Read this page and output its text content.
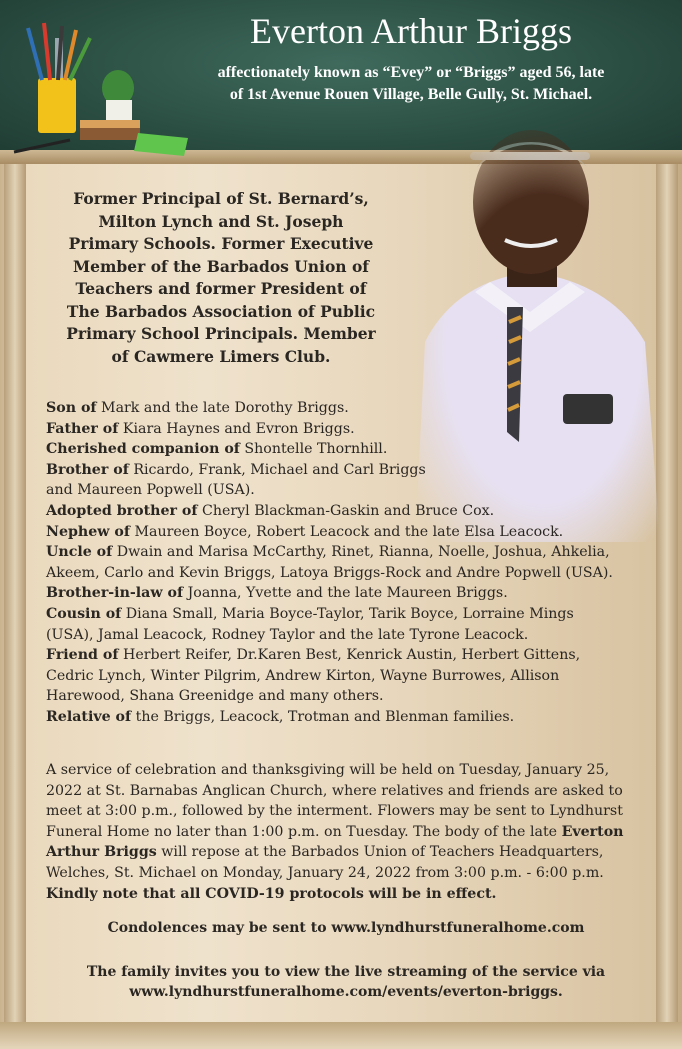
Everton Arthur Briggs
affectionately known as “Evey” or “Briggs” aged 56, late
of 1st Avenue Rouen Village, Belle Gully, St. Michael.
Former Principal of St. Bernard’s,
Milton Lynch and St. Joseph
Primary Schools. Former Executive
Member of the Barbados Union of
Teachers and former President of
The Barbados Association of Public
Primary School Principals. Member
of Cawmere Limers Club.

Son of Mark and the late Dorothy Briggs.

Father of Kiara Haynes and Evron Briggs.

Cherished companion of Shontelle Thornhill.

Brother of Ricardo, Frank, Michael and Carl Briggs

and Maureen Popwell (USA).

Adopted brother of Cheryl Blackman-Gaskin and Bruce Cox.

Nephew of Maureen Boyce, Robert Leacock and the late Elsa Leacock.

Uncle of Dwain and Marisa McCarthy, Rinet, Rianna, Noelle, Joshua, Ahkelia,

Akeem, Carlo and Kevin Briggs, Latoya Briggs-Rock and Andre Popwell (USA).

Brother-in-law of Joanna, Yvette and the late Maureen Briggs.

Cousin of Diana Small, Maria Boyce-Taylor, Tarik Boyce, Lorraine Mings

(USA), Jamal Leacock, Rodney Taylor and the late Tyrone Leacock.

Friend of Herbert Reifer, Dr.Karen Best, Kenrick Austin, Herbert Gittens,

Cedric Lynch, Winter Pilgrim, Andrew Kirton, Wayne Burrowes, Allison

Harewood, Shana Greenidge and many others.

Relative of the Briggs, Leacock, Trotman and Blenman families.

A service of celebration and thanksgiving will be held on Tuesday, January 25,

2022 at St. Barnabas Anglican Church, where relatives and friends are asked to

meet at 3:00 p.m., followed by the interment. Flowers may be sent to Lyndhurst

Funeral Home no later than 1:00 p.m. on Tuesday. The body of the late Everton

Arthur Briggs will repose at the Barbados Union of Teachers Headquarters,

Welches, St. Michael on Monday, January 24, 2022 from 3:00 p.m. - 6:00 p.m.

Kindly note that all COVID-19 protocols will be in effect.

Condolences may be sent to www.lyndhurstfuneralhome.com
The family invites you to view the live streaming of the service via
www.lyndhurstfuneralhome.com/events/everton-briggs.
